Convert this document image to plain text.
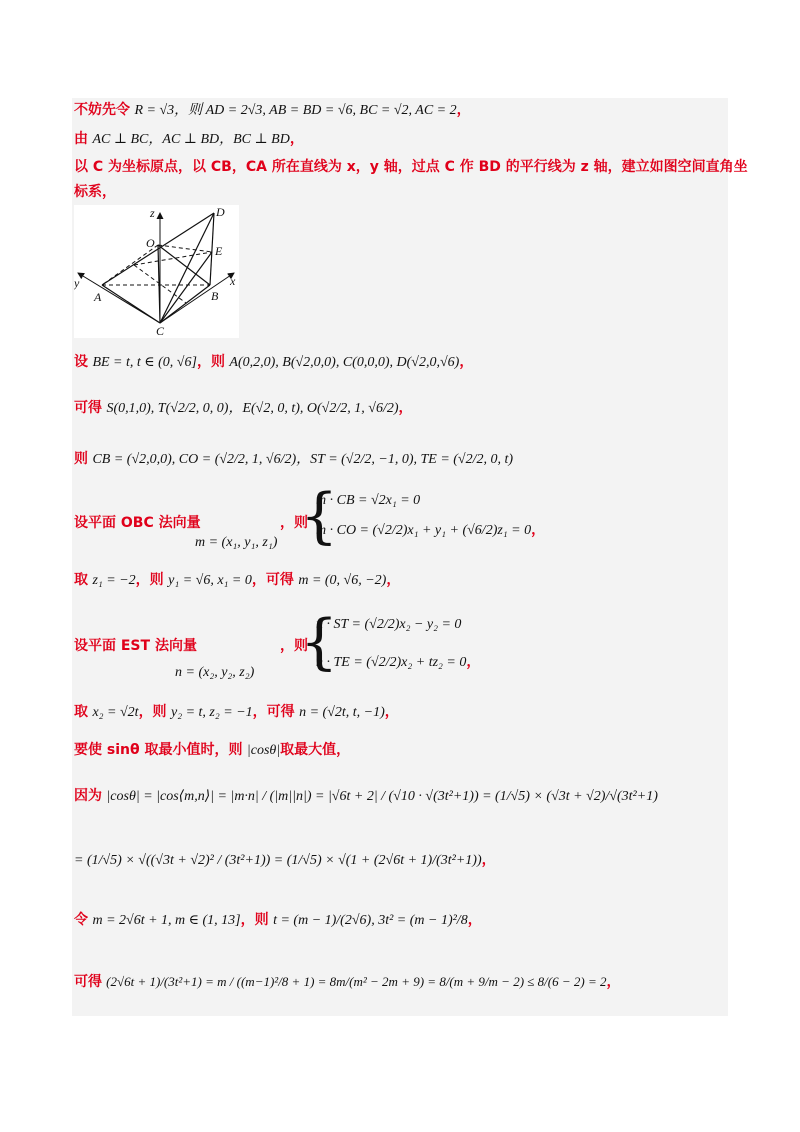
不妨先令 R = √3，则 AD = 2√3, AB = BD = √6, BC = √2, AC = 2，
由 AC ⊥ BC，AC ⊥ BD，BC ⊥ BD，
以 C 为坐标原点，以 CB，CA 所在直线为 x，y 轴，过点 C 作 BD 的平行线为 z 轴，建立如图空间直角坐
标系，
z	D
O
E
y	x
A	B
C
设 BE = t, t ∈ (0, √6]，则 A(0,2,0), B(√2,0,0), C(0,0,0), D(√2,0,√6)，
可得 S(0,1,0), T(√2/2, 0, 0)，E(√2, 0, t), O(√2/2, 1, √6/2)，
则 CB = (√2,0,0), CO = (√2/2, 1, √6/2)，ST = (√2/2, −1, 0), TE = (√2/2, 0, t)
设平面 OBC 法向量
m = (x₁, y₁, z₁)
，则
{
m · CB = √2x₁ = 0
m · CO = (√2/2)x₁ + y₁ + (√6/2)z₁ = 0，
取 z₁ = −2，则 y₁ = √6, x₁ = 0，可得 m = (0, √6, −2)，
设平面 EST 法向量
n = (x₂, y₂, z₂)
，则
{
n · ST = (√2/2)x₂ − y₂ = 0
n · TE = (√2/2)x₂ + tz₂ = 0，
取 x₂ = √2t，则 y₂ = t, z₂ = −1，可得 n = (√2t, t, −1)，
要使 sinθ 取最小值时，则 |cosθ|取最大值，
因为 |cosθ| = |cos⟨m,n⟩| = |m·n| / (|m||n|) = |√6t + 2| / (√10 · √(3t²+1)) = (1/√5) × (√3t + √2)/√(3t²+1)
= (1/√5) × √((√3t + √2)² / (3t²+1)) = (1/√5) × √(1 + (2√6t + 1)/(3t²+1))，
令 m = 2√6t + 1, m ∈ (1, 13]，则 t = (m − 1)/(2√6), 3t² = (m − 1)²/8，
可得 (2√6t + 1)/(3t²+1) = m / ((m−1)²/8 + 1) = 8m/(m² − 2m + 9) = 8/(m + 9/m − 2) ≤ 8/(6 − 2) = 2，
